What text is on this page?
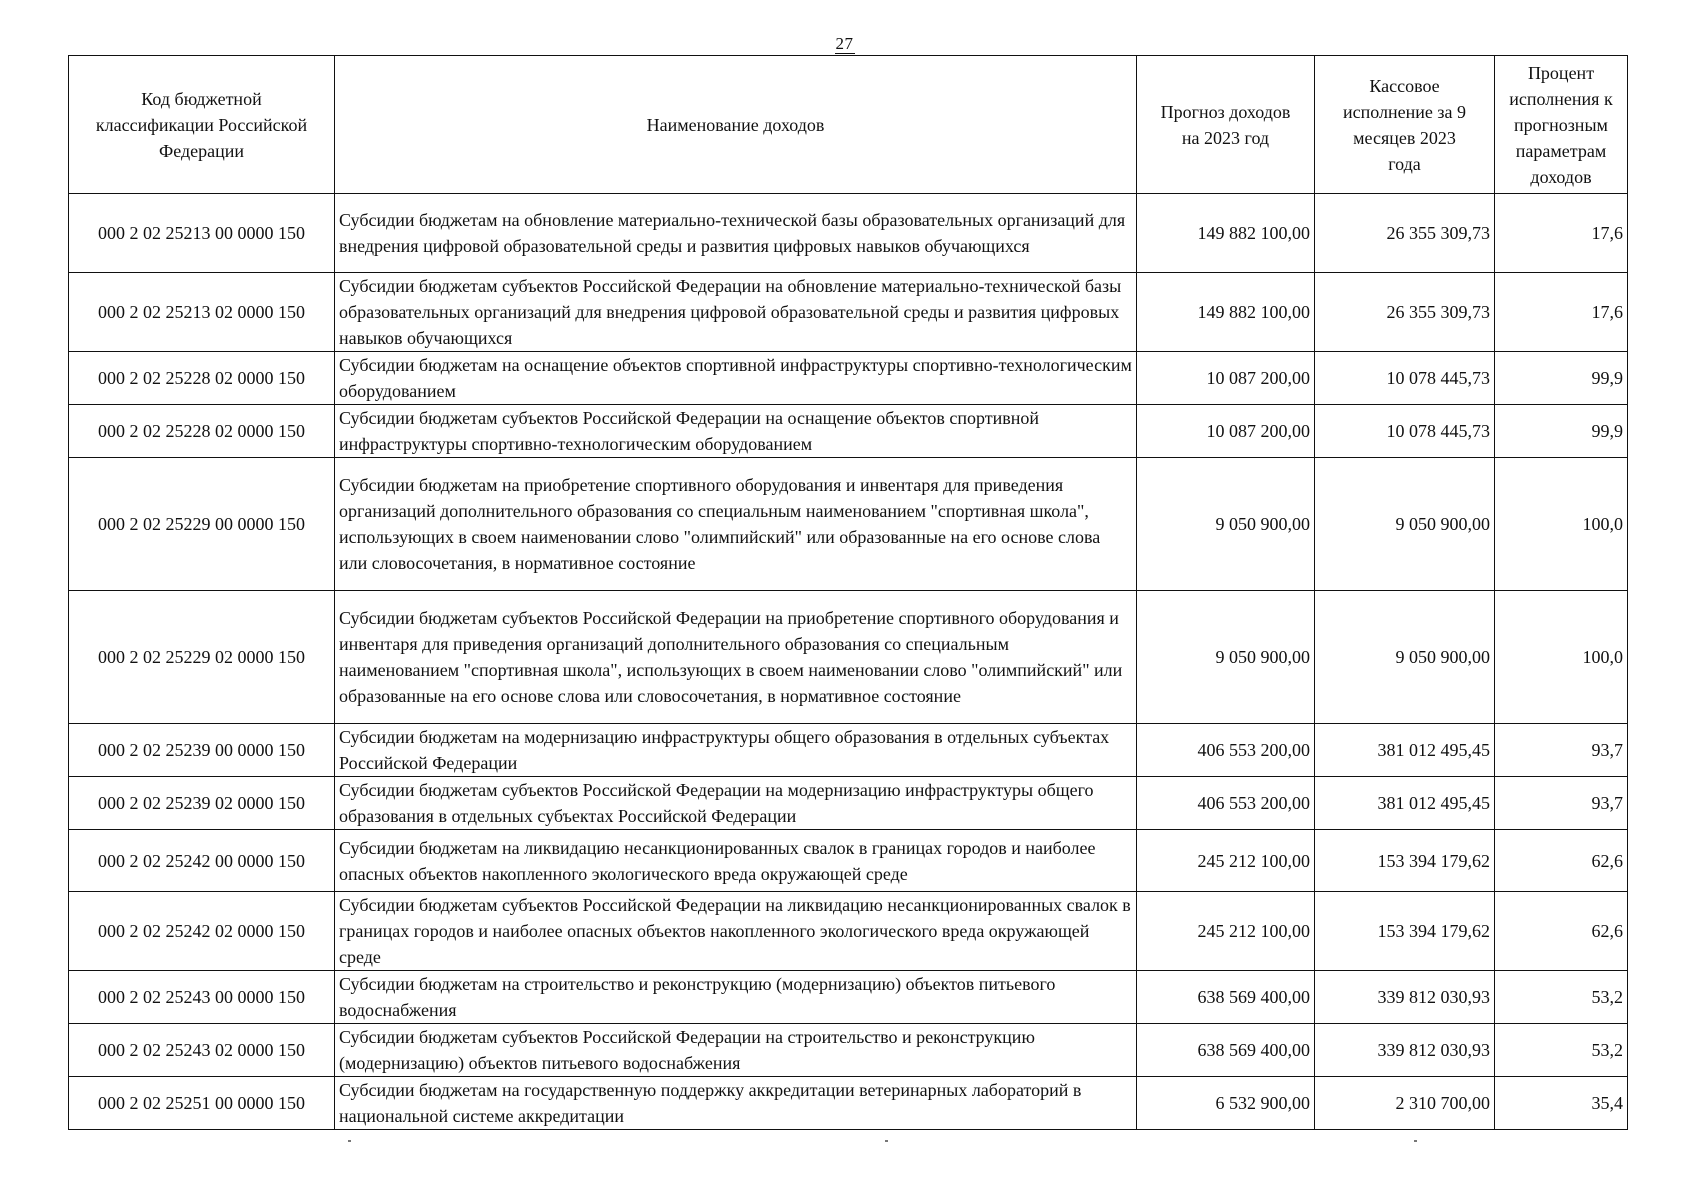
27
Код бюджетной классификации Российской Федерации	Наименование доходов	Прогноз доходов на 2023 год	Кассовое исполнение за 9 месяцев 2023 года	Процент исполнения к прогнозным параметрам доходов
000 2 02 25213 00 0000 150	Субсидии бюджетам на обновление материально-технической базы образовательных организаций для внедрения цифровой образовательной среды и развития цифровых навыков обучающихся	149 882 100,00	26 355 309,73	17,6
000 2 02 25213 02 0000 150	Субсидии бюджетам субъектов Российской Федерации на обновление материально-технической базы образовательных организаций для внедрения цифровой образовательной среды и развития цифровых навыков обучающихся	149 882 100,00	26 355 309,73	17,6
000 2 02 25228 02 0000 150	Субсидии бюджетам на оснащение объектов спортивной инфраструктуры спортивно-технологическим оборудованием	10 087 200,00	10 078 445,73	99,9
000 2 02 25228 02 0000 150	Субсидии бюджетам субъектов Российской Федерации на оснащение объектов спортивной инфраструктуры спортивно-технологическим оборудованием	10 087 200,00	10 078 445,73	99,9
000 2 02 25229 00 0000 150	Субсидии бюджетам на приобретение спортивного оборудования и инвентаря для приведения организаций дополнительного образования со специальным наименованием "спортивная школа", использующих в своем наименовании слово "олимпийский" или образованные на его основе слова или словосочетания, в нормативное состояние	9 050 900,00	9 050 900,00	100,0
000 2 02 25229 02 0000 150	Субсидии бюджетам субъектов Российской Федерации на приобретение спортивного оборудования и инвентаря для приведения организаций дополнительного образования со специальным наименованием "спортивная школа", использующих в своем наименовании слово "олимпийский" или образованные на его основе слова или словосочетания, в нормативное состояние	9 050 900,00	9 050 900,00	100,0
000 2 02 25239 00 0000 150	Субсидии бюджетам на модернизацию инфраструктуры общего образования в отдельных субъектах Российской Федерации	406 553 200,00	381 012 495,45	93,7
000 2 02 25239 02 0000 150	Субсидии бюджетам субъектов Российской Федерации на модернизацию инфраструктуры общего образования в отдельных субъектах Российской Федерации	406 553 200,00	381 012 495,45	93,7
000 2 02 25242 00 0000 150	Субсидии бюджетам на ликвидацию несанкционированных свалок в границах городов и наиболее опасных объектов накопленного экологического вреда окружающей среде	245 212 100,00	153 394 179,62	62,6
000 2 02 25242 02 0000 150	Субсидии бюджетам субъектов Российской Федерации на ликвидацию несанкционированных свалок в границах городов и наиболее опасных объектов накопленного экологического вреда окружающей среде	245 212 100,00	153 394 179,62	62,6
000 2 02 25243 00 0000 150	Субсидии бюджетам на строительство и реконструкцию (модернизацию) объектов питьевого водоснабжения	638 569 400,00	339 812 030,93	53,2
000 2 02 25243 02 0000 150	Субсидии бюджетам субъектов Российской Федерации на строительство и реконструкцию (модернизацию) объектов питьевого водоснабжения	638 569 400,00	339 812 030,93	53,2
000 2 02 25251 00 0000 150	Субсидии бюджетам на государственную поддержку аккредитации ветеринарных лабораторий в национальной системе аккредитации	6 532 900,00	2 310 700,00	35,4
